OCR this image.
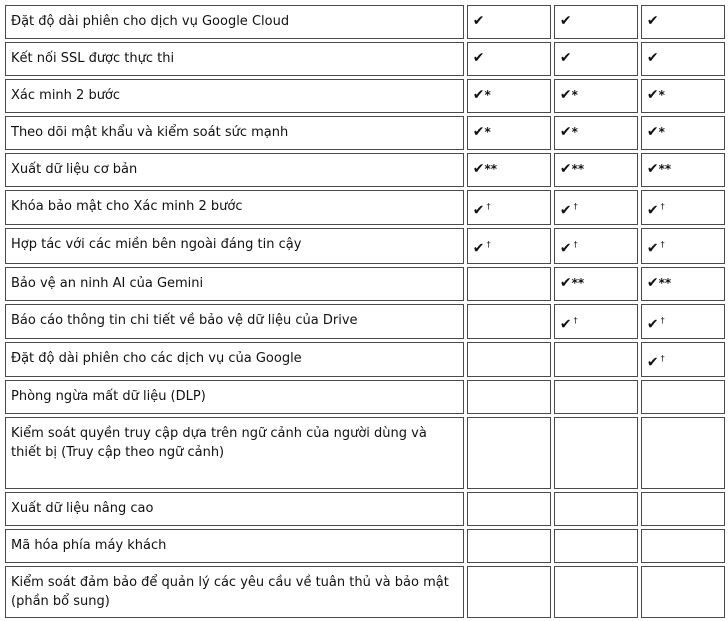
Đặt độ dài phiên cho dịch vụ Google Cloud	✔	✔	✔
Kết nối SSL được thực thi	✔	✔	✔
Xác minh 2 bước	✔*	✔*	✔*
Theo dõi mật khẩu và kiểm soát sức mạnh	✔*	✔*	✔*
Xuất dữ liệu cơ bản	✔**	✔**	✔**
Khóa bảo mật cho Xác minh 2 bước	✔ †	✔ †	✔ †
Hợp tác với các miền bên ngoài đáng tin cậy	✔ †	✔ †	✔ †
Bảo vệ an ninh AI của Gemini		✔**	✔**
Báo cáo thông tin chi tiết về bảo vệ dữ liệu của Drive		✔ †	✔ †
Đặt độ dài phiên cho các dịch vụ của Google			✔ †
Phòng ngừa mất dữ liệu (DLP)			
Kiểm soát quyền truy cập dựa trên ngữ cảnh của người dùng và thiết bị (Truy cập theo ngữ cảnh)			
Xuất dữ liệu nâng cao			
Mã hóa phía máy khách			
Kiểm soát đảm bảo để quản lý các yêu cầu về tuân thủ và bảo mật (phần bổ sung)			
